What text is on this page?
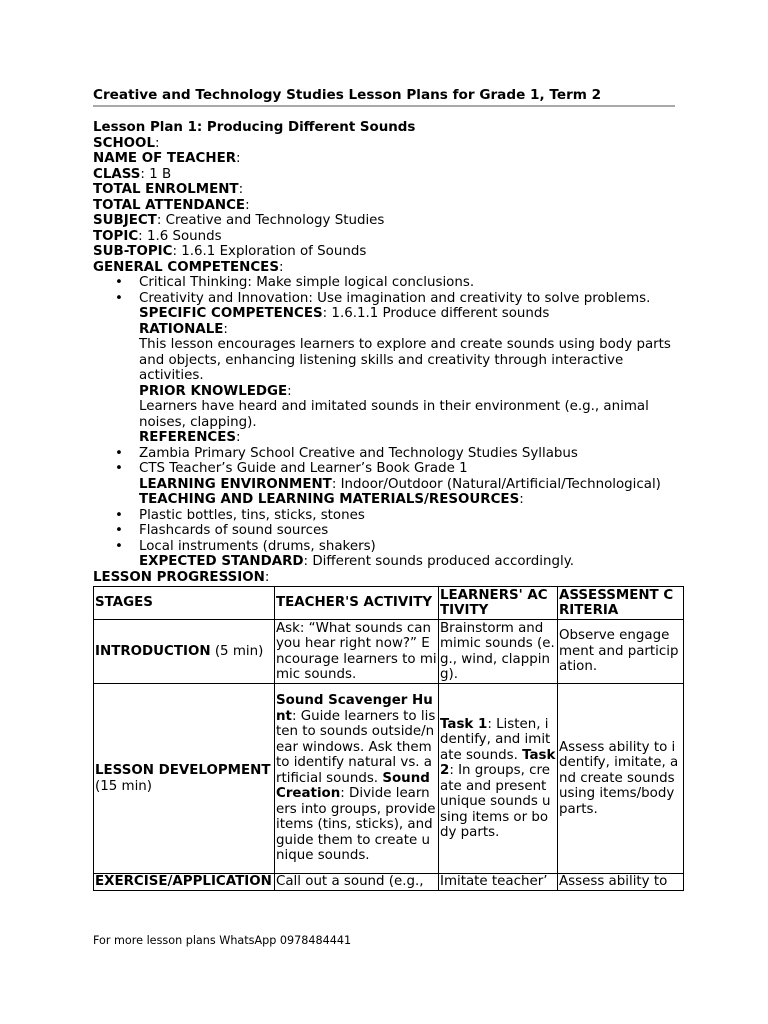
Creative and Technology Studies Lesson Plans for Grade 1, Term 2
Lesson Plan 1: Producing Different Sounds
SCHOOL:
NAME OF TEACHER:
CLASS: 1 B
TOTAL ENROLMENT:
TOTAL ATTENDANCE:
SUBJECT: Creative and Technology Studies
TOPIC: 1.6 Sounds
SUB-TOPIC: 1.6.1 Exploration of Sounds
GENERAL COMPETENCES:
• Critical Thinking: Make simple logical conclusions.
• Creativity and Innovation: Use imagination and creativity to solve problems.
SPECIFIC COMPETENCES: 1.6.1.1 Produce different sounds
RATIONALE:
This lesson encourages learners to explore and create sounds using body parts and objects, enhancing listening skills and creativity through interactive activities.
PRIOR KNOWLEDGE:
Learners have heard and imitated sounds in their environment (e.g., animal noises, clapping).
REFERENCES:
• Zambia Primary School Creative and Technology Studies Syllabus
• CTS Teacher’s Guide and Learner’s Book Grade 1
LEARNING ENVIRONMENT: Indoor/Outdoor (Natural/Artificial/Technological)
TEACHING AND LEARNING MATERIALS/RESOURCES:
• Plastic bottles, tins, sticks, stones
• Flashcards of sound sources
• Local instruments (drums, shakers)
EXPECTED STANDARD: Different sounds produced accordingly.
LESSON PROGRESSION:
STAGES	TEACHER'S ACTIVITY	LEARNERS' ACTIVITY	ASSESSMENT CRITERIA
INTRODUCTION (5 min)	Ask: “What sounds can you hear right now?” Encourage learners to mimic sounds.	Brainstorm and mimic sounds (e.g., wind, clapping).	Observe engagement and participation.
LESSON DEVELOPMENT (15 min)	Sound Scavenger Hunt: Guide learners to listen to sounds outside/near windows. Ask them to identify natural vs. artificial sounds. Sound Creation: Divide learners into groups, provide items (tins, sticks), and guide them to create unique sounds.	Task 1: Listen, identify, and imitate sounds. Task 2: In groups, create and present unique sounds using items or body parts.	Assess ability to identify, imitate, and create sounds using items/body parts.
EXERCISE/APPLICATION	Call out a sound (e.g.,	Imitate teacher’	Assess ability to
For more lesson plans WhatsApp 0978484441
